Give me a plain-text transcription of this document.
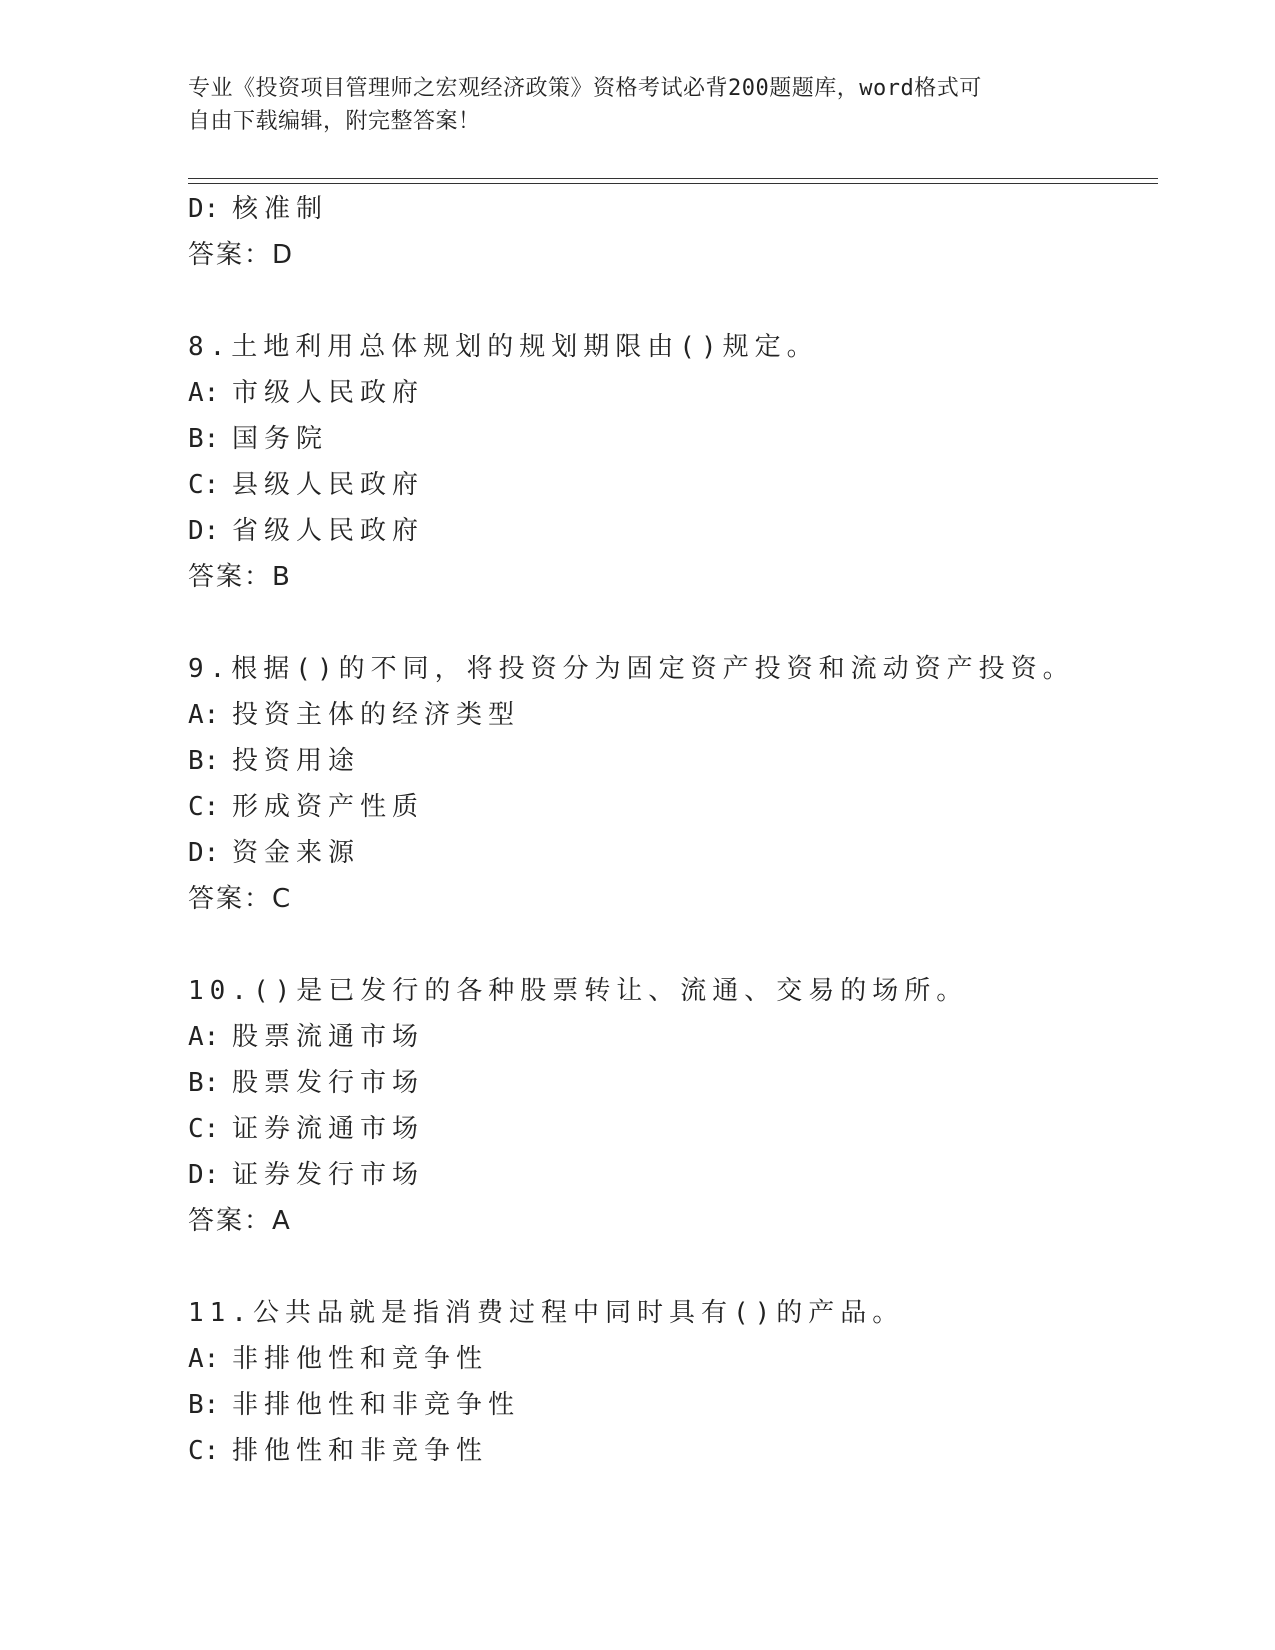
专业《投资项目管理师之宏观经济政策》资格考试必背200题题库，word格式可
自由下载编辑，附完整答案！
D: 核准制
答案：D
8.土地利用总体规划的规划期限由()规定。
A: 市级人民政府
B: 国务院
C: 县级人民政府
D: 省级人民政府
答案：B
9.根据()的不同，将投资分为固定资产投资和流动资产投资。
A: 投资主体的经济类型
B: 投资用途
C: 形成资产性质
D: 资金来源
答案：C
10.()是已发行的各种股票转让、流通、交易的场所。
A: 股票流通市场
B: 股票发行市场
C: 证券流通市场
D: 证券发行市场
答案：A
11.公共品就是指消费过程中同时具有()的产品。
A: 非排他性和竞争性
B: 非排他性和非竞争性
C: 排他性和非竞争性
